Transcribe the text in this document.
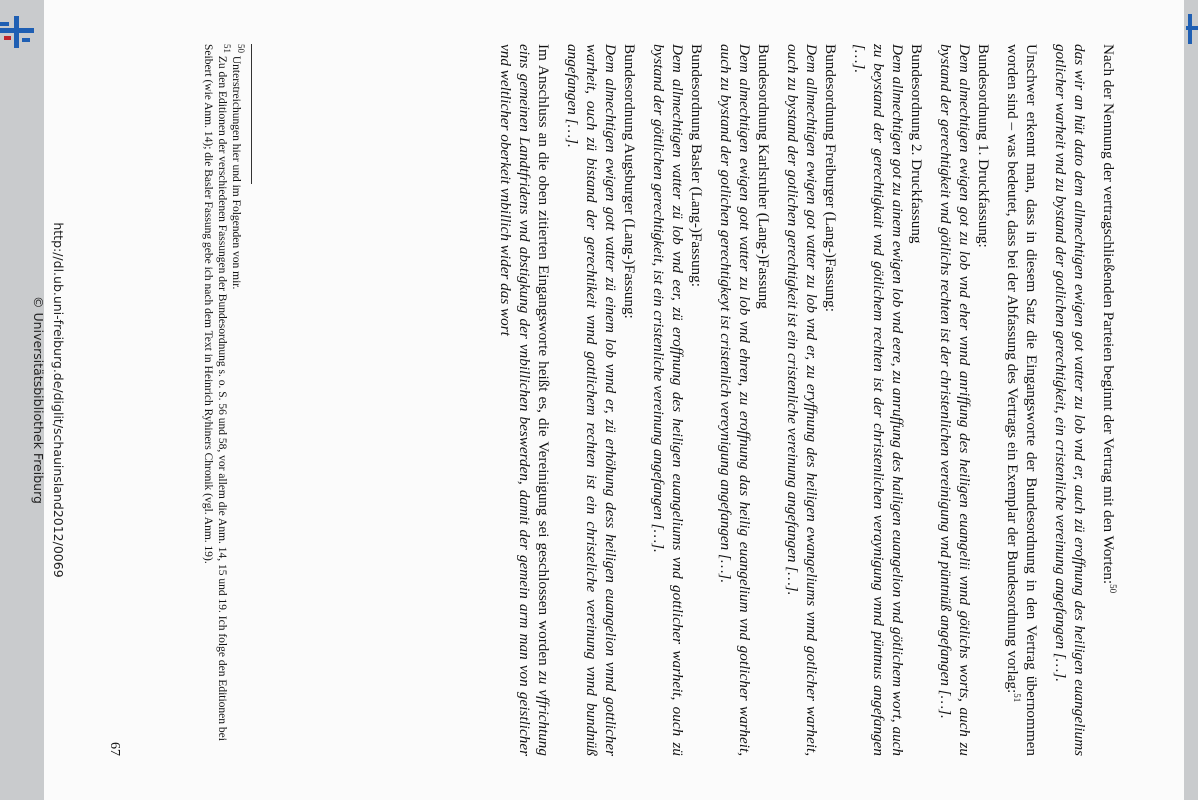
Nach der Nennung der vertragschließenden Parteien beginnt der Vertrag mit den Worten:$^{50}$

das wir an hüt dato dem allmechtigen ewigen got vatter zu lob vnd er, auch zü eroffnung des heiligen euangeliums gotlicher warheit vnd zu bystand der gotlichen gerechtigkeit, ein cristenliche vereinung angefangen […].

Unschwer erkennt man, dass in diesem Satz die Eingangsworte der Bundesordnung in den Vertrag übernommen worden sind – was bedeutet, dass bei der Abfassung des Vertrags ein Exemplar der Bundesordnung vorlag:$^{51}$

Bundesordnung 1. Druckfassung:

Dem almechtigen ewigen got zu lob vnd eher vnnd anriffung des heiligen euangelii vnnd götlichs worts, auch zu bystand der gerechtigkeit vnd götlichs rechten ist der christenlichen vereinigung vnd püntnüß angefangen […].

Bundesordnung 2. Druckfassung

Dem allmechtigen got zu ainem ewigen lob vnd eere, zu anruffung des hailigen euangelion vnd götlichem wort, auch zu beystand der gerechtigkait vnd götlichem rechten ist der christenlichen veraynigung vnnd püntnus angefangen […].

Bundesordnung Freiburger (Lang-)Fassung:

Dem allmechtigen ewigen got vatter zu lob vnd er, zu eryffnung des heiligen ewangeliums vnnd gotlicher warheit, ouch zu bystand der gotlichen gerechtigkeit ist ein cristenliche vereinung angefangen […].

Bundesordnung Karlsruher (Lang-)Fassung

Dem almechtigen ewigen gott vatter zu lob vnd ehren, zu eroffnung das heilig euangelium vnd gotlicher warheit, auch zu bystand der gotlichen gerechtigkeyt ist cristenlich vereynigung angefangen […].

Bundesordnung Basler (Lang-)Fassung:

Dem allmechtigen vatter zü lob vnd eer, zü eroffnung des heiligen euangeliums vnd gottlicher warheit, ouch zü bystand der göttlichen gerechtigkeit, ist ein cristenliche vereinung angefangen […].

Bundesordnung Augsburger (Lang-)Fassung:

Dem almechtigen ewigen gott vatter zü einem lob vnnd er, zü erhöhung dess heiligen euangelion vnnd gottlicher warheit, ouch zü bistand der gerechtikeit vnnd gottlichem rechten ist ein christeliche vereinung vnnd bundnüß angefangen […].

Im Anschluss an die oben zitierten Eingangsworte heißt es, die Vereinigung sei geschlossen worden zu vffrichtung eins gemeinen Landtfridens vnd abstigkung der vnbillichen beswerden, damit der gemein arm man von geistlicher vnd weltlicher oberkeit vnbillich wider das wort

$^{50}$ Unterstreichungen hier und im Folgenden von mir.
$^{51}$ Zu den Editionen der verschiedenen Fassungen der Bundesordnung s. o. S. 56 und 58, vor allem die Anm. 14, 15 und 19. Ich folge den Editionen bei Seibert (wie Anm. 14); die Basler Fassung gebe ich nach dem Text in Heinrich Ryhiners Chronik (vgl. Anm. 19).
67
http://dl.ub.uni-freiburg.de/diglit/schauinsland2012/0069
© Universitätsbibliothek Freiburg
